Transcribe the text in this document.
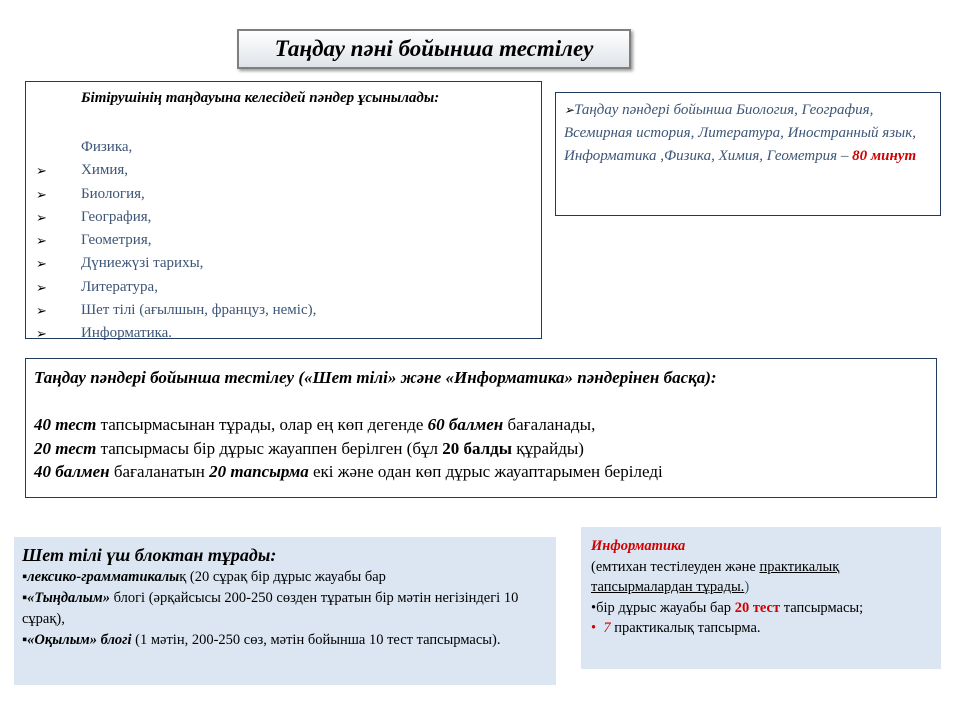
Таңдау пәні бойынша тестілеу
Бітірушінің таңдауына келесідей пәндер ұсынылады:
Физика,
➢ Химия,
➢ Биология,
➢ География,
➢ Геометрия,
➢ Дүниежүзі тарихы,
➢ Литература,
➢ Шет тілі (ағылшын, француз, неміс),
➢ Информатика.
➢Таңдау пәндері бойынша Биология, География, Всемирная история, Литература, Иностранный язык, Информатика ,Физика, Химия, Геометрия – 80 минут

Таңдау пәндері бойынша тестілеу («Шет тілі» және «Информатика» пәндерінен басқа):

40 тест тапсырмасынан тұрады, олар ең көп дегенде 60 балмен бағаланады,

20 тест тапсырмасы бір дұрыс жауаппен берілген (бұл 20 балды құрайды)

40 балмен бағаланатын 20 тапсырма екі және одан көп дұрыс жауаптарымен беріледі

Шет тілі үш блоктан тұрады:
▪лексико-грамматикалық (20 сұрақ бір дұрыс жауабы бар
▪«Тыңдалым» блогі (әрқайсысы 200-250 сөзден тұратын бір мәтін негізіндегі 10 сұрақ),
▪«Оқылым» блогі (1 мәтін, 200-250 сөз, мәтін бойынша 10 тест тапсырмасы).
Информатика
(емтихан тестілеуден және практикалық тапсырмалардан тұрады.)
•бір дұрыс жауабы бар 20 тест тапсырмасы;
• 7 практикалық тапсырма.
